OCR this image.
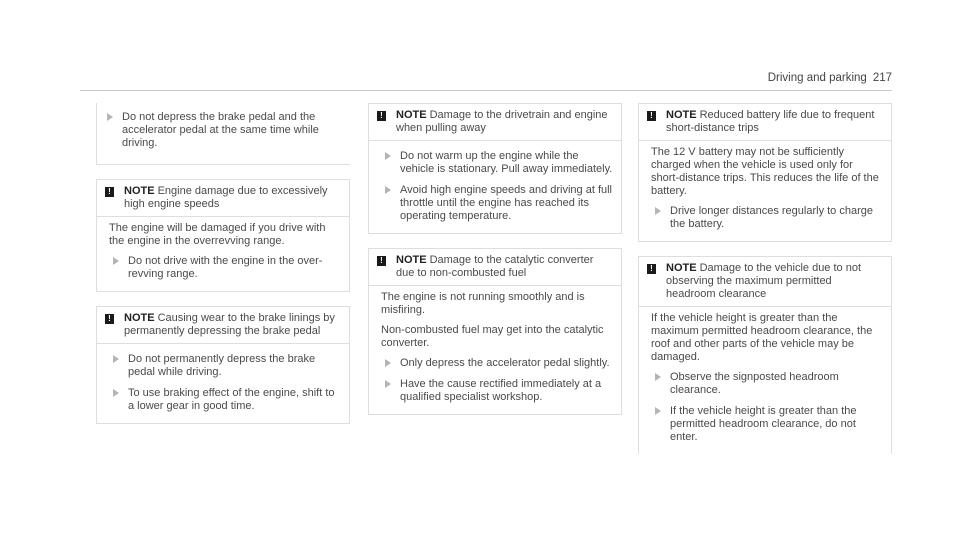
Driving and parking 217
Do not depress the brake pedal and the accelerator pedal at the same time while driving.
! NOTE Engine damage due to excessively high engine speeds

The engine will be damaged if you drive with the engine in the overrevving range.

Do not drive with the engine in the over-revving range.
! NOTE Causing wear to the brake linings by permanently depressing the brake pedal
Do not permanently depress the brake pedal while driving.
To use braking effect of the engine, shift to a lower gear in good time.
! NOTE Damage to the drivetrain and engine when pulling away
Do not warm up the engine while the vehicle is stationary. Pull away immediately.
Avoid high engine speeds and driving at full throttle until the engine has reached its operating temperature.
! NOTE Damage to the catalytic converter due to non-combusted fuel

The engine is not running smoothly and is misfiring.

Non-combusted fuel may get into the catalytic converter.

Only depress the accelerator pedal slightly.
Have the cause rectified immediately at a qualified specialist workshop.
! NOTE Reduced battery life due to frequent short-distance trips

The 12 V battery may not be sufficiently charged when the vehicle is used only for short-distance trips. This reduces the life of the battery.

Drive longer distances regularly to charge the battery.
! NOTE Damage to the vehicle due to not observing the maximum permitted headroom clearance

If the vehicle height is greater than the maximum permitted headroom clearance, the roof and other parts of the vehicle may be damaged.

Observe the signposted headroom clearance.
If the vehicle height is greater than the permitted headroom clearance, do not enter.
